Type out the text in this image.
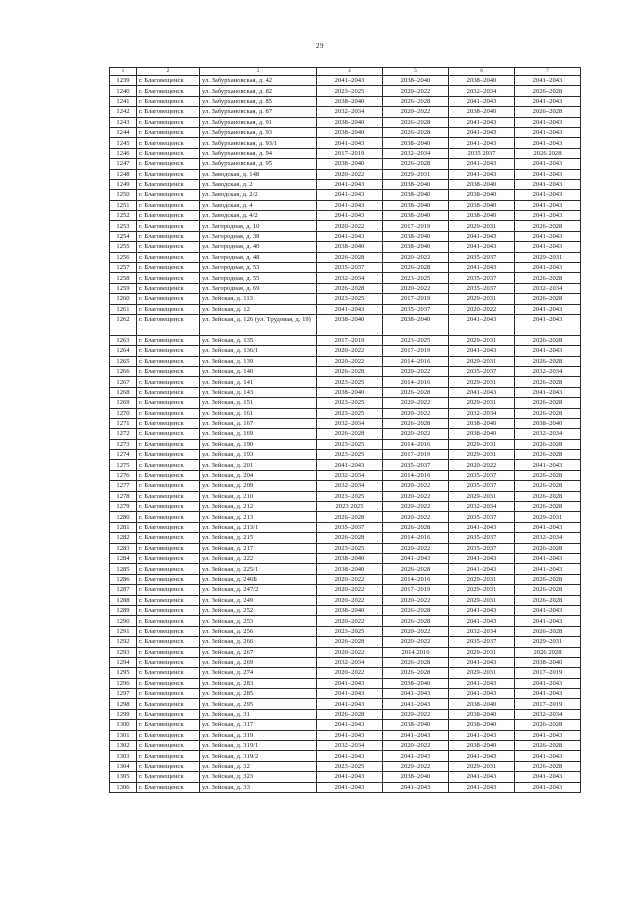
29
1	2	3	4	5	6	7
1239	г. Благовещенск	ул. Забурхановская, д. 42	2041–2043	2038–2040	2038–2040	2041–2043
1240	г. Благовещенск	ул. Забурхановская, д. 82	2023–2025	2020–2022	2032–2034	2026–2028
1241	г. Благовещенск	ул. Забурхановская, д. 85	2038–2040	2026–2028	2041–2043	2041–2043
1242	г. Благовещенск	ул. Забурхановская, д. 87	2032–2034	2020–2022	2038–2040	2026–2028
1243	г. Благовещенск	ул. Забурхановская, д. 91	2038–2040	2026–2028	2041–2043	2041–2043
1244	г. Благовещенск	ул. Забурхановская, д. 93	2038–2040	2026–2028	2041–2043	2041–2043
1245	г. Благовещенск	ул. Забурхановская, д. 93/1	2041–2043	2038–2040	2041–2043	2041–2043
1246	г. Благовещенск	ул. Забурхановская, д. 94	2017–2019	2032–2034	2035 2037	2026 2028
1247	г. Благовещенск	ул. Забурхановская, д. 95	2038–2040	2026–2028	2041–2043	2041–2043
1248	г. Благовещенск	ул. Заводская, д. 148	2020–2022	2029–2031	2041–2043	2041–2043
1249	г. Благовещенск	ул. Заводская, д. 2	2041–2043	2038–2040	2038–2040	2041–2043
1250	г. Благовещенск	ул. Заводская, д. 2/2	2041–2043	2038–2040	2038–2040	2041–2043
1251	г. Благовещенск	ул. Заводская, д. 4	2041–2043	2038–2040	2038–2040	2041–2043
1252	г. Благовещенск	ул. Заводская, д. 4/2	2041–2043	2038–2040	2038–2040	2041–2043
1253	г. Благовещенск	ул. Загородная, д. 10	2020–2022	2017–2019	2029–2031	2026–2028
1254	г. Благовещенск	ул. Загородная, д. 38	2041–2043	2038–2040	2041–2043	2041–2043
1255	г. Благовещенск	ул. Загородная, д. 40	2038–2040	2038–2040	2041–2043	2041–2043
1256	г. Благовещенск	ул. Загородная, д. 48	2026–2028	2020–2022	2035–2037	2029–2031
1257	г. Благовещенск	ул. Загородная, д. 53	2035–2037	2026–2028	2041–2043	2041–2043
1258	г. Благовещенск	ул. Загородная, д. 55	2032–2034	2023–2025	2035–2037	2026–2028
1259	г. Благовещенск	ул. Загородная, д. 69	2026–2028	2020–2022	2035–2037	2032–2034
1260	г. Благовещенск	ул. Зейская, д. 113	2023–2025	2017–2019	2029–2031	2026–2028
1261	г. Благовещенск	ул. Зейская, д. 12	2041–2043	2035–2037	2020–2022	2041–2043
1262	г. Благовещенск	ул. Зейская, д. 126 (ул. Трудовая, д. 19)	2038–2040	2038–2040	2041–2043	2041–2043
1263	г. Благовещенск	ул. Зейская, д. 135	2017–2019	2023–2025	2029–2031	2026–2028
1264	г. Благовещенск	ул. Зейская, д. 136/1	2020–2022	2017–2019	2041–2043	2041–2043
1265	г. Благовещенск	ул. Зейская, д. 139	2020–2022	2014–2016	2029–2031	2026–2028
1266	г. Благовещенск	ул. Зейская, д. 140	2026–2028	2020–2022	2035–2037	2032–2034
1267	г. Благовещенск	ул. Зейская, д. 141	2023–2025	2014–2016	2029–2031	2026–2028
1268	г. Благовещенск	ул. Зейская, д. 143	2038–2040	2026–2028	2041–2043	2041–2043
1269	г. Благовещенск	ул. Зейская, д. 151	2023–2025	2020–2022	2029–2031	2026–2028
1270	г. Благовещенск	ул. Зейская, д. 161	2023–2025	2020–2022	2032–2034	2026–2028
1271	г. Благовещенск	ул. Зейская, д. 167	2032–2034	2026–2028	2038–2040	2038–2040
1272	г. Благовещенск	ул. Зейская, д. 169	2026–2028	2020–2022	2038–2040	2032–2034
1273	г. Благовещенск	ул. Зейская, д. 190	2023–2025	2014–2016	2029–2031	2026–2028
1274	г. Благовещенск	ул. Зейская, д. 193	2023–2025	2017–2019	2029–2031	2026–2028
1275	г. Благовещенск	ул. Зейская, д. 201	2041–2043	2035–2037	2020–2022	2041–2043
1276	г. Благовещенск	ул. Зейская, д. 204	2032–2034	2014–2016	2035–2037	2026–2028
1277	г. Благовещенск	ул. Зейская, д. 209	2032–2034	2020–2022	2035–2037	2026–2028
1278	г. Благовещенск	ул. Зейская, д. 210	2023–2025	2020–2022	2029–2031	2026–2028
1279	г. Благовещенск	ул. Зейская, д. 212	2023 2025	2020–2022	2032–2034	2026–2028
1280	г. Благовещенск	ул. Зейская, д. 213	2026–2028	2020–2022	2035–2037	2029–2031
1281	г. Благовещенск	ул. Зейская, д. 213/1	2035–2037	2026–2028	2041–2043	2041–2043
1282	г. Благовещенск	ул. Зейская, д. 215	2026–2028	2014–2016	2035–2037	2032–2034
1283	г. Благовещенск	ул. Зейская, д. 217	2023–2025	2020–2022	2035–2037	2026–2028
1284	г. Благовещенск	ул. Зейская, д. 222	2038–2040	2041–2043	2041–2043	2041–2043
1285	г. Благовещенск	ул. Зейская, д. 225/1	2038–2040	2026–2028	2041–2043	2041–2043
1286	г. Благовещенск	ул. Зейская, д. 246Б	2020–2022	2014–2016	2029–2031	2026–2028
1287	г. Благовещенск	ул. Зейская, д. 247/2	2020–2022	2017–2019	2029–2031	2026–2028
1288	г. Благовещенск	ул. Зейская, д. 249	2020–2022	2020–2022	2029–2031	2026–2028
1289	г. Благовещенск	ул. Зейская, д. 252	2038–2040	2026–2028	2041–2043	2041–2043
1290	г. Благовещенск	ул. Зейская, д. 253	2020–2022	2026–2028	2041–2043	2041–2043
1291	г. Благовещенск	ул. Зейская, д. 256	2023–2025	2020–2022	2032–2034	2026–2028
1292	г. Благовещенск	ул. Зейская, д. 266	2026–2028	2020–2022	2035–2037	2029–2031
1293	г. Благовещенск	ул. Зейская, д. 267	2020–2022	2014 2016	2029–2031	2026 2028
1294	г. Благовещенск	ул. Зейская, д. 269	2032–2034	2026–2028	2041–2043	2038–2040
1295	г. Благовещенск	ул. Зейская, д. 274	2020–2022	2026–2028	2029–2031	2017–2019
1296	г. Благовещенск	ул. Зейская, д. 283	2041–2043	2038–2040	2041–2043	2041–2043
1297	г. Благовещенск	ул. Зейская, д. 285	2041–2043	2041–2043	2041–2043	2041–2043
1298	г. Благовещенск	ул. Зейская, д. 295	2041–2043	2041–2043	2038–2040	2017–2019
1299	г. Благовещенск	ул. Зейская, д. 31	2026–2028	2020–2022	2038–2040	2032–2034
1300	г. Благовещенск	ул. Зейская, д. 317	2041–2043	2038–2040	2038–2040	2026–2028
1301	г. Благовещенск	ул. Зейская, д. 319	2041–2043	2041–2043	2041–2043	2041–2043
1302	г. Благовещенск	ул. Зейская, д. 319/1	2032–2034	2020–2022	2038–2040	2026–2028
1303	г. Благовещенск	ул. Зейская, д. 319/2	2041–2043	2041–2043	2041–2043	2041–2043
1304	г. Благовещенск	ул. Зейская, д. 32	2023–2025	2020–2022	2029–2031	2026–2028
1305	г. Благовещенск	ул. Зейская, д. 323	2041–2043	2038–2040	2041–2043	2041–2043
1306	г. Благовещенск	ул. Зейская, д. 33	2041–2043	2041–2043	2041–2043	2041–2043
